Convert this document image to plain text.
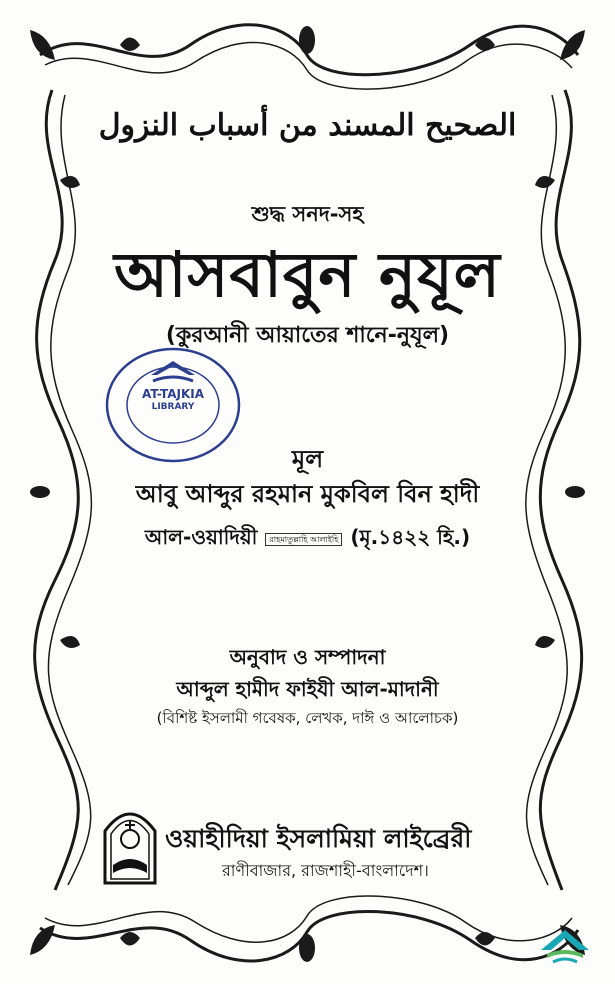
الصحيح المسند من أسباب النزول
শুদ্ধ সনদ-সহ
আসবাবুন নুযূল
(কুরআনী আয়াতের শানে-নুযূল)
AT-TAJKIA
LIBRARY
মূল
আবু আব্দুর রহমান মুকবিল বিন হাদী
আল-ওয়াদিয়ী	রাহমাতুল্লাহি আলাইহি (মৃ.১৪২২ হি.)
অনুবাদ ও সম্পাদনা
আব্দুল হামীদ ফাইযী আল-মাদানী
(বিশিষ্ট ইসলামী গবেষক, লেখক, দাঈ ও আলোচক)
ওয়াহীদিয়া ইসলামিয়া লাইব্রেরী
রাণীবাজার, রাজশাহী-বাংলাদেশ।
